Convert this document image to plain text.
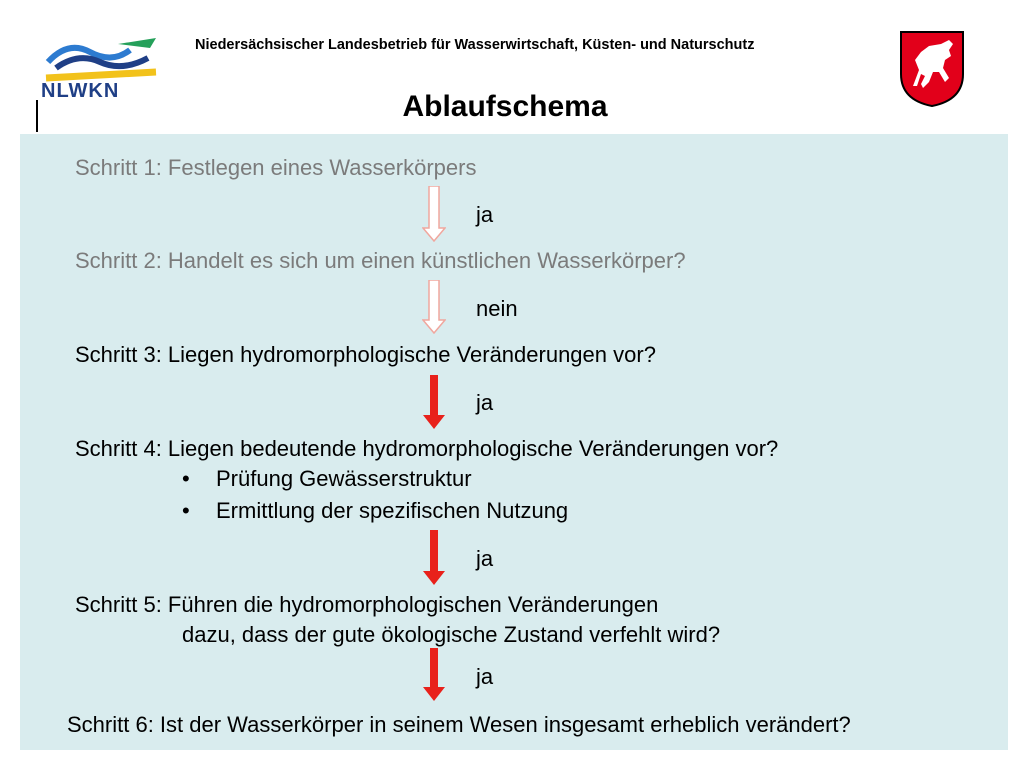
NLWKN
Niedersächsischer Landesbetrieb für Wasserwirtschaft, Küsten- und Naturschutz
Ablaufschema
Schritt 1: Festlegen eines Wasserkörpers
ja
Schritt 2: Handelt es sich um einen künstlichen Wasserkörper?
nein
Schritt 3: Liegen hydromorphologische Veränderungen vor?
ja
Schritt 4: Liegen bedeutende hydromorphologische Veränderungen vor?
• Prüfung Gewässerstruktur
• Ermittlung der spezifischen Nutzung
ja
Schritt 5: Führen die hydromorphologischen Veränderungen
dazu, dass der gute ökologische Zustand verfehlt wird?
ja
Schritt 6: Ist der Wasserkörper in seinem Wesen insgesamt erheblich verändert?
